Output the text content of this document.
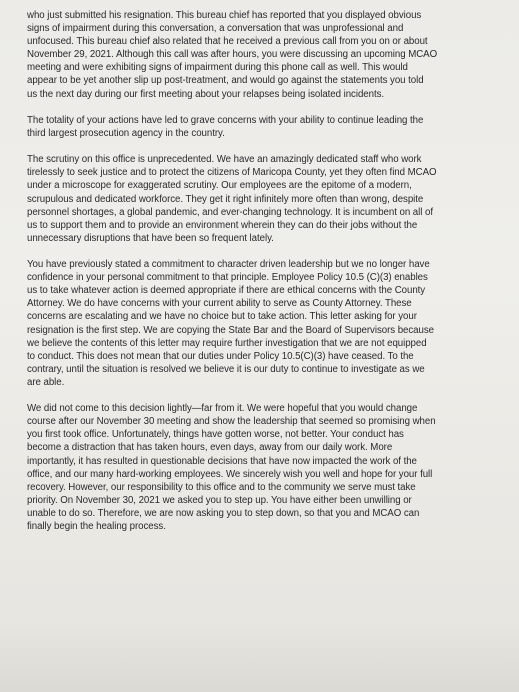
who just submitted his resignation. This bureau chief has reported that you displayed obvious
signs of impairment during this conversation, a conversation that was unprofessional and
unfocused. This bureau chief also related that he received a previous call from you on or about
November 29, 2021. Although this call was after hours, you were discussing an upcoming MCAO
meeting and were exhibiting signs of impairment during this phone call as well. This would
appear to be yet another slip up post-treatment, and would go against the statements you told
us the next day during our first meeting about your relapses being isolated incidents.
The totality of your actions have led to grave concerns with your ability to continue leading the
third largest prosecution agency in the country.
The scrutiny on this office is unprecedented. We have an amazingly dedicated staff who work
tirelessly to seek justice and to protect the citizens of Maricopa County, yet they often find MCAO
under a microscope for exaggerated scrutiny. Our employees are the epitome of a modern,
scrupulous and dedicated workforce. They get it right infinitely more often than wrong, despite
personnel shortages, a global pandemic, and ever-changing technology. It is incumbent on all of
us to support them and to provide an environment wherein they can do their jobs without the
unnecessary disruptions that have been so frequent lately.
You have previously stated a commitment to character driven leadership but we no longer have
confidence in your personal commitment to that principle. Employee Policy 10.5 (C)(3) enables
us to take whatever action is deemed appropriate if there are ethical concerns with the County
Attorney. We do have concerns with your current ability to serve as County Attorney. These
concerns are escalating and we have no choice but to take action. This letter asking for your
resignation is the first step. We are copying the State Bar and the Board of Supervisors because
we believe the contents of this letter may require further investigation that we are not equipped
to conduct. This does not mean that our duties under Policy 10.5(C)(3) have ceased. To the
contrary, until the situation is resolved we believe it is our duty to continue to investigate as we
are able.
We did not come to this decision lightly—far from it. We were hopeful that you would change
course after our November 30 meeting and show the leadership that seemed so promising when
you first took office. Unfortunately, things have gotten worse, not better. Your conduct has
become a distraction that has taken hours, even days, away from our daily work. More
importantly, it has resulted in questionable decisions that have now impacted the work of the
office, and our many hard-working employees. We sincerely wish you well and hope for your full
recovery. However, our responsibility to this office and to the community we serve must take
priority. On November 30, 2021 we asked you to step up. You have either been unwilling or
unable to do so. Therefore, we are now asking you to step down, so that you and MCAO can
finally begin the healing process.
